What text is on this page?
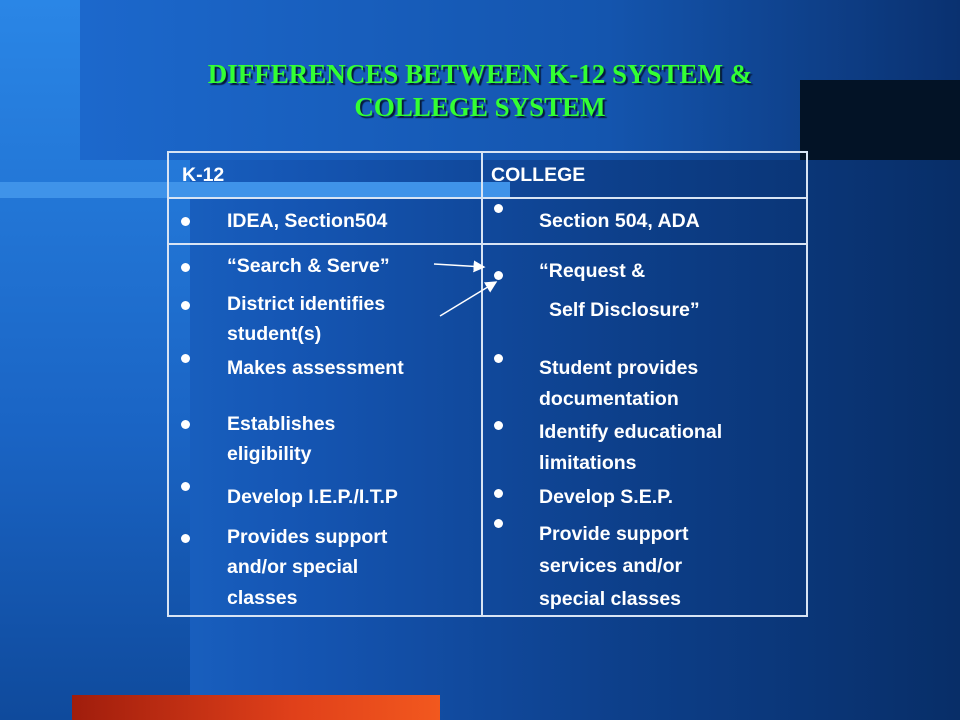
DIFFERENCES BETWEEN K-12 SYSTEM &
COLLEGE SYSTEM
K-12	COLLEGE
IDEA, Section504	Section 504, ADA
“Search & Serve”
District identifies
student(s)
Makes assessment
Establishes
eligibility
Develop I.E.P./I.T.P
Provides support
and/or special
classes
“Request &
Self Disclosure”
Student provides
documentation
Identify educational
limitations
Develop S.E.P.
Provide support
services and/or
special classes
